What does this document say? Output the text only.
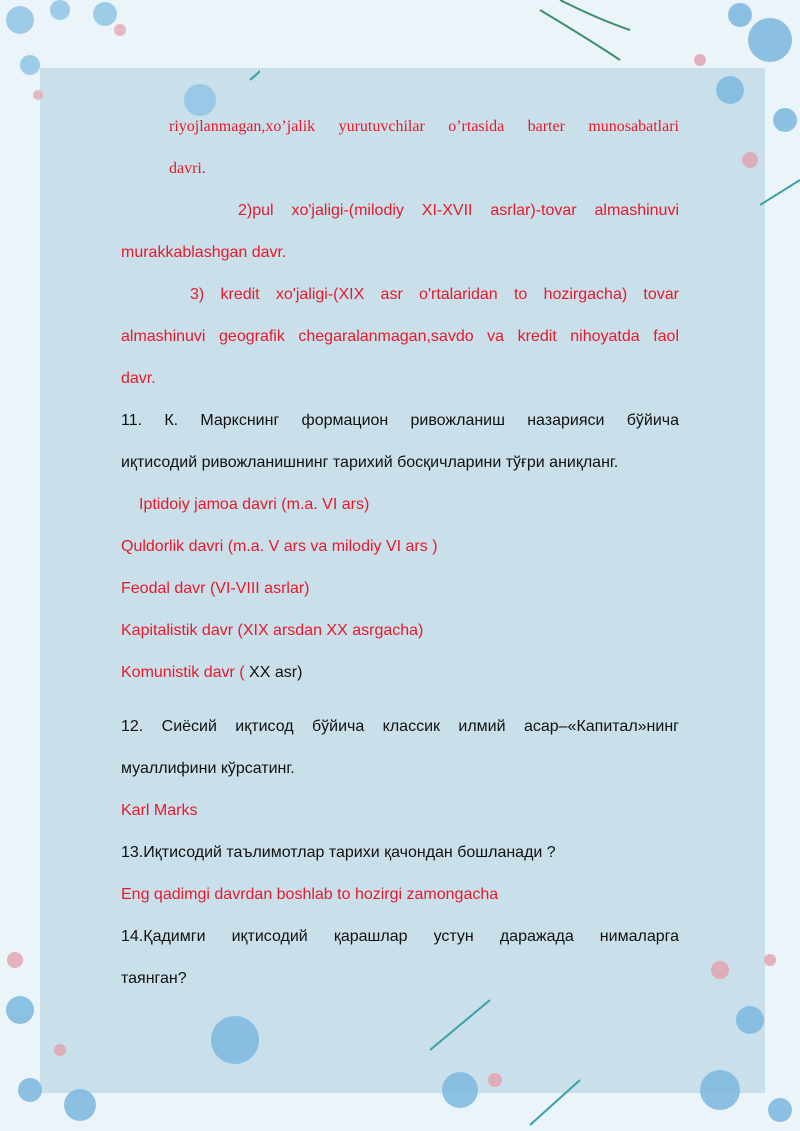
riyojlanmagan,xo’jalik yurutuvchilar o’rtasida barter munosabatlari
davri.
2)pul xo'jaligi-(milodiy XI-XVII asrlar)-tovar almashinuvi
murakkablashgan davr.
3) kredit xo'jaligi-(XIX asr o'rtalaridan to hozirgacha) tovar
almashinuvi geografik chegaralanmagan,savdo va kredit nihoyatda faol
davr.
11. К. Маркснинг формацион ривожланиш назарияси бўйича
иқтисодий ривожланишнинг тарихий босқичларини тўғри аниқланг.
Iptidoiy jamoa davri (m.a. VI ars)
Quldorlik davri (m.a. V ars va milodiy VI ars )
Feodal davr (VI-VIII asrlar)
Kapitalistik davr (XIX arsdan XX asrgacha)
Komunistik davr ( XX asr)
12. Сиёсий иқтисод бўйича классик илмий асар–«Капитал»нинг
муаллифини кўрсатинг.
Karl Marks
13.Иқтисодий таълимотлар тарихи қачондан бошланади ?
Eng qadimgi davrdan boshlab to hozirgi zamongacha
14.Қадимги иқтисодий қарашлар устун даражада нималарга
таянган?
